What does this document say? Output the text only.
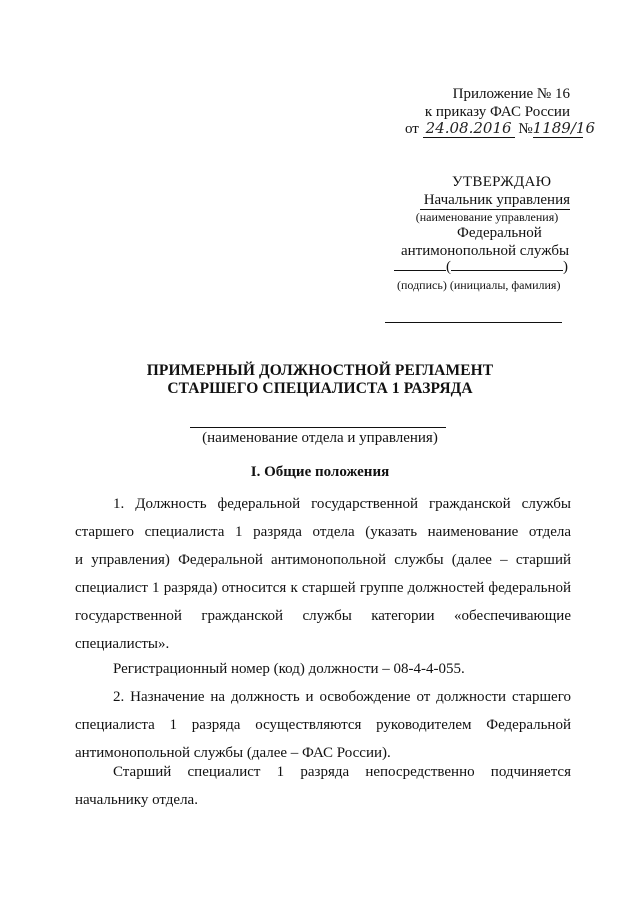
Приложение № 16
к приказу ФАС России
от 24.08.2016 №1189/16
УТВЕРЖДАЮ
Начальник управления
(наименование управления)
Федеральной
антимонопольной службы
(	)
(подпись) (инициалы, фамилия)
ПРИМЕРНЫЙ ДОЛЖНОСТНОЙ РЕГЛАМЕНТ
СТАРШЕГО СПЕЦИАЛИСТА 1 РАЗРЯДА
(наименование отдела и управления)
I. Общие положения
1. Должность федеральной государственной гражданской службы
старшего специалиста 1 разряда отдела (указать наименование отдела
и управления) Федеральной антимонопольной службы (далее – старший
специалист 1 разряда) относится к старшей группе должностей федеральной
государственной гражданской службы категории «обеспечивающие
специалисты».
Регистрационный номер (код) должности – 08-4-4-055.
2. Назначение на должность и освобождение от должности старшего
специалиста 1 разряда осуществляются руководителем Федеральной
антимонопольной службы (далее – ФАС России).
Старший специалист 1 разряда непосредственно подчиняется
начальнику отдела.
